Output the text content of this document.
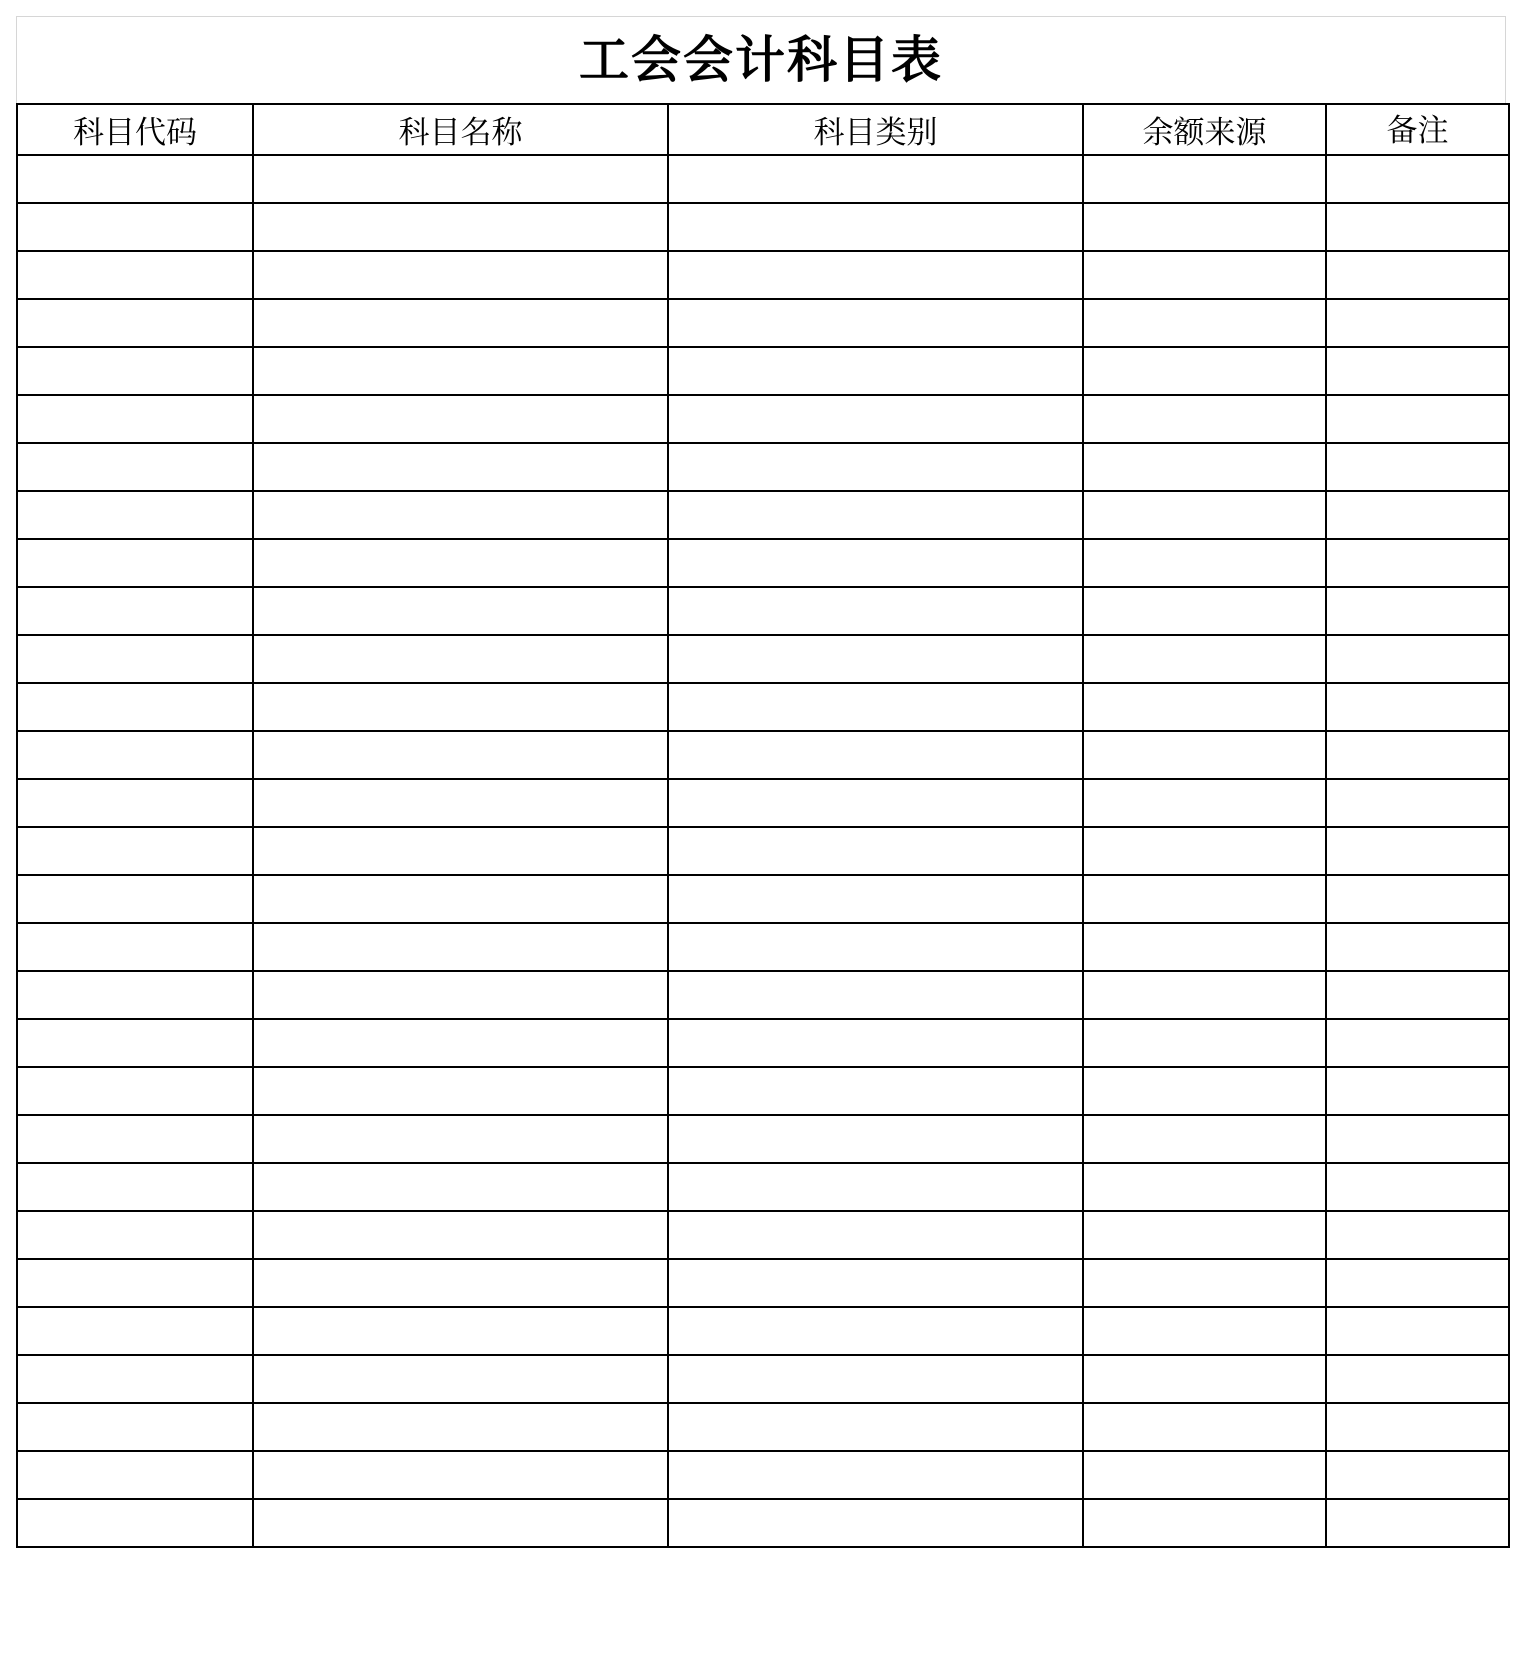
工会会计科目表
科目代码	科目名称	科目类别	余额来源	备注
